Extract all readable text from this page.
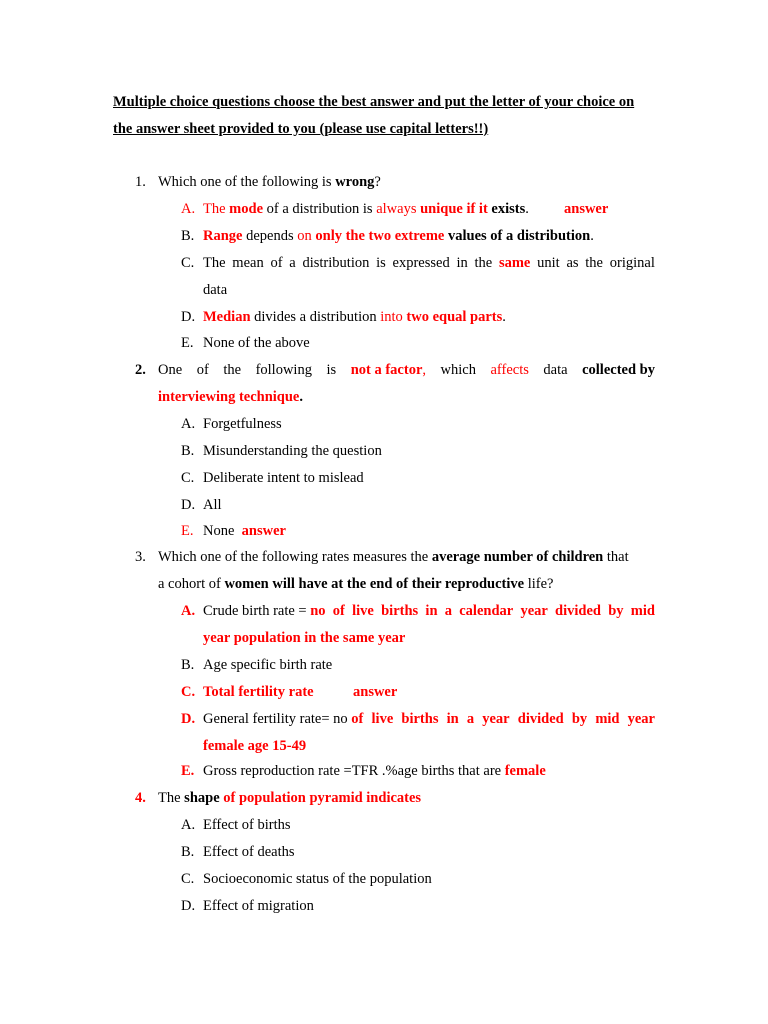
Multiple choice questions choose the best answer and put the letter of your choice on
the answer sheet provided to you (please use capital letters!!)
1. Which one of the following is wrong?
A. The mode of a distribution is always unique if it exists. answer
B. Range depends on only the two extreme values of a distribution.
C. The mean of a distribution is expressed in the same unit as the original
data
D. Median divides a distribution into two equal parts.
E. None of the above
2. One of the following is not a factor, which affects data collected by
interviewing technique.
A. Forgetfulness
B. Misunderstanding the question
C. Deliberate intent to mislead
D. All
E. None answer
3. Which one of the following rates measures the average number of children that
a cohort of women will have at the end of their reproductive life?
A. Crude birth rate = no of live births in a calendar year divided by mid
year population in the same year
B. Age specific birth rate
C. Total fertility rate	answer
D. General fertility rate= no of live births in a year divided by mid year
female age 15-49
E. Gross reproduction rate =TFR .%age births that are female
4. The shape of population pyramid indicates
A. Effect of births
B. Effect of deaths
C. Socioeconomic status of the population
D. Effect of migration
